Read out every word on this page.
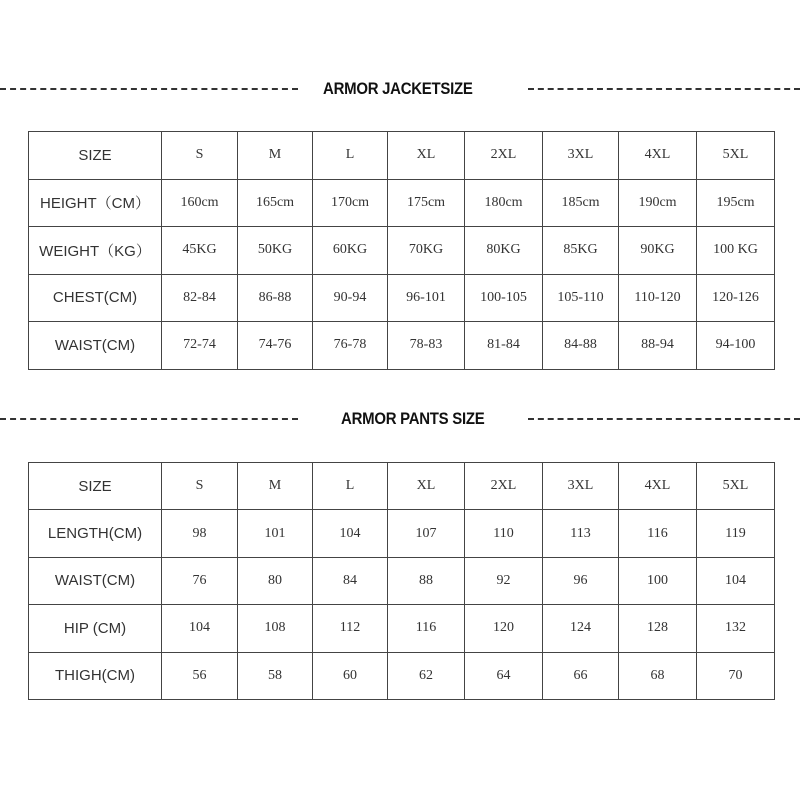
ARMOR JACKETSIZE
SIZE	S	M	L	XL	2XL	3XL	4XL	5XL
HEIGHT（CM）	160cm	165cm	170cm	175cm	180cm	185cm	190cm	195cm
WEIGHT（KG）	45KG	50KG	60KG	70KG	80KG	85KG	90KG	100 KG
CHEST(CM)	82-84	86-88	90-94	96-101	100-105	105-110	110-120	120-126
WAIST(CM)	72-74	74-76	76-78	78-83	81-84	84-88	88-94	94-100
ARMOR PANTS SIZE
SIZE	S	M	L	XL	2XL	3XL	4XL	5XL
LENGTH(CM)	98	101	104	107	110	113	116	119
WAIST(CM)	76	80	84	88	92	96	100	104
HIP (CM)	104	108	112	116	120	124	128	132
THIGH(CM)	56	58	60	62	64	66	68	70
